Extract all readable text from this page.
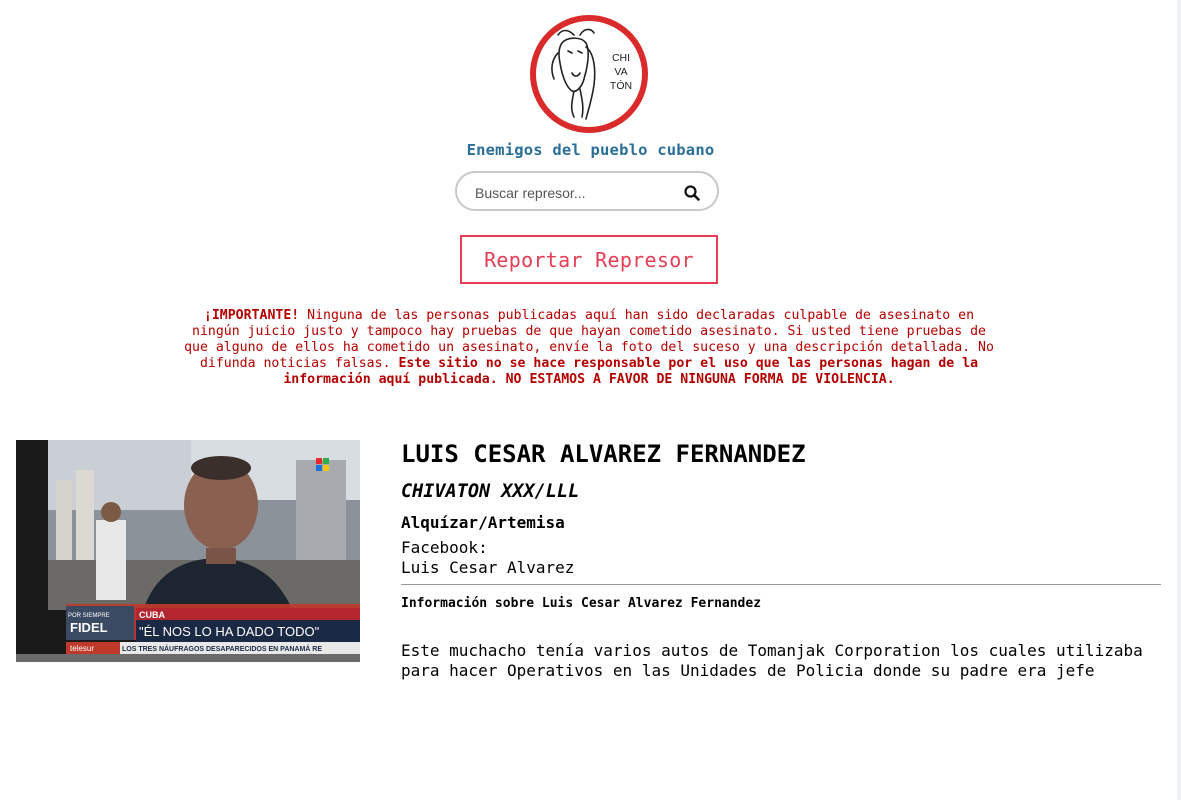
CHI
VA
TÓN
Enemigos del pueblo cubano
Buscar represor...
Reportar Represor
¡IMPORTANTE! Ninguna de las personas publicadas aquí han sido declaradas culpable de asesinato en ningún juicio justo y tampoco hay pruebas de que hayan cometido asesinato. Si usted tiene pruebas de que alguno de ellos ha cometido un asesinato, envíe la foto del suceso y una descripción detallada. No difunda noticias falsas. Este sitio no se hace responsable por el uso que las personas hagan de la información aquí publicada. NO ESTAMOS A FAVOR DE NINGUNA FORMA DE VIOLENCIA.
POR SIEMPRE
FIDEL
CUBA
"ÉL NOS LO HA DADO TODO"
telesur	LOS TRES NÁUFRAGOS DESAPARECIDOS EN PANAMÁ RE
LUIS CESAR ALVAREZ FERNANDEZ
CHIVATON XXX/LLL
Alquízar/Artemisa
Facebook:
Luis Cesar Alvarez
Información sobre Luis Cesar Alvarez Fernandez
Este muchacho tenía varios autos de Tomanjak Corporation los cuales utilizaba para hacer Operativos en las Unidades de Policia donde su padre era jefe
